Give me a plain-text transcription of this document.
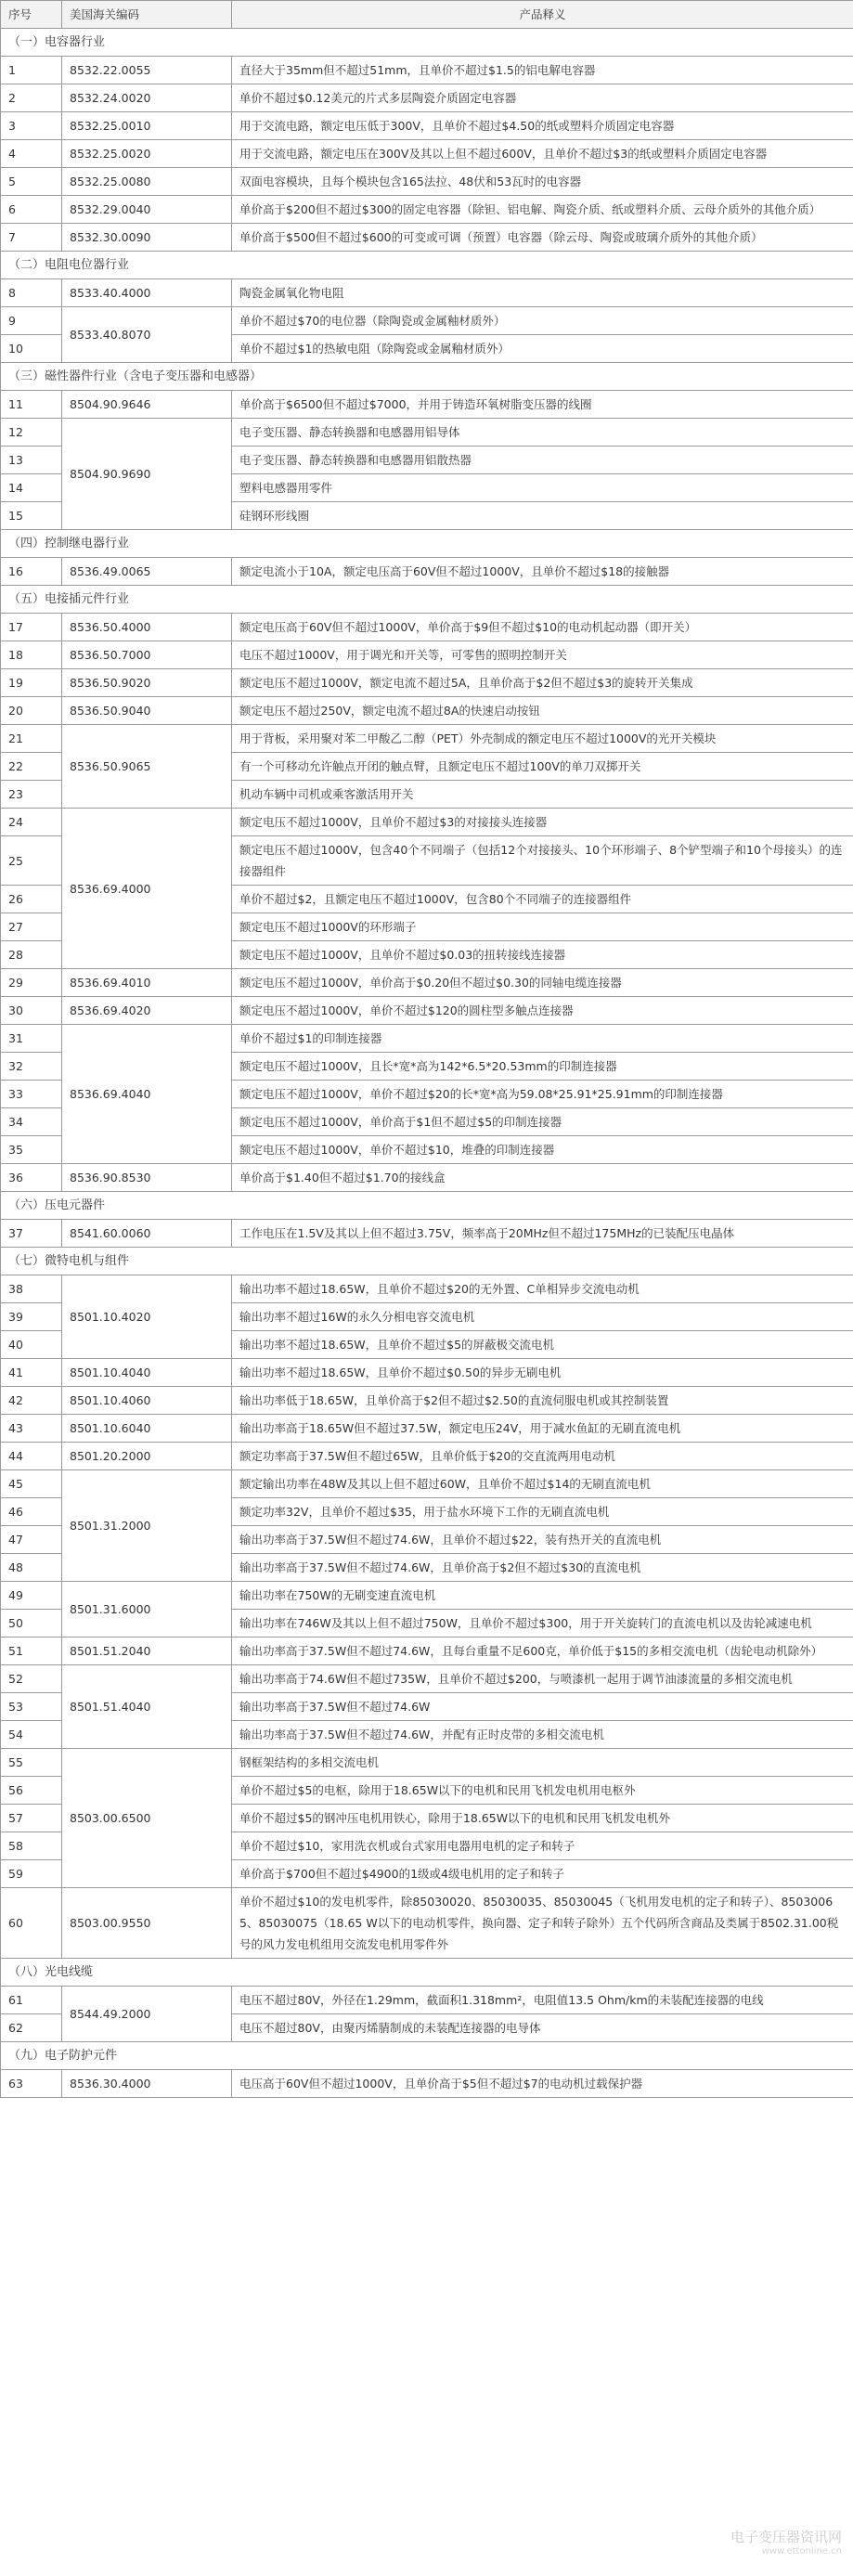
序号	美国海关编码	产品释义
（一）电容器行业		
1	8532.22.0055	直径大于35mm但不超过51mm，且单价不超过$1.5的铝电解电容器
2	8532.24.0020	单价不超过$0.12美元的片式多层陶瓷介质固定电容器
3	8532.25.0010	用于交流电路，额定电压低于300V，且单价不超过$4.50的纸或塑料介质固定电容器
4	8532.25.0020	用于交流电路，额定电压在300V及其以上但不超过600V，且单价不超过$3的纸或塑料介质固定电容器
5	8532.25.0080	双面电容模块，且每个模块包含165法拉、48伏和53瓦时的电容器
6	8532.29.0040	单价高于$200但不超过$300的固定电容器（除钽、铝电解、陶瓷介质、纸或塑料介质、云母介质外的其他介质）
7	8532.30.0090	单价高于$500但不超过$600的可变或可调（预置）电容器（除云母、陶瓷或玻璃介质外的其他介质）
（二）电阻电位器行业		
8	8533.40.4000	陶瓷金属氧化物电阻
9	8533.40.8070	单价不超过$70的电位器（除陶瓷或金属釉材质外）
10		单价不超过$1的热敏电阻（除陶瓷或金属釉材质外）
（三）磁性器件行业（含电子变压器和电感器）		
11	8504.90.9646	单价高于$6500但不超过$7000，并用于铸造环氧树脂变压器的线圈
12	8504.90.9690	电子变压器、静态转换器和电感器用铝导体
13		电子变压器、静态转换器和电感器用铝散热器
14		塑料电感器用零件
15		硅钢环形线圈
（四）控制继电器行业		
16	8536.49.0065	额定电流小于10A，额定电压高于60V但不超过1000V，且单价不超过$18的接触器
（五）电接插元件行业		
17	8536.50.4000	额定电压高于60V但不超过1000V，单价高于$9但不超过$10的电动机起动器（即开关）
18	8536.50.7000	电压不超过1000V，用于调光和开关等，可零售的照明控制开关
19	8536.50.9020	额定电压不超过1000V，额定电流不超过5A，且单价高于$2但不超过$3的旋转开关集成
20	8536.50.9040	额定电压不超过250V，额定电流不超过8A的快速启动按钮
21	8536.50.9065	用于背板，采用聚对苯二甲酸乙二醇（PET）外壳制成的额定电压不超过1000V的光开关模块
22		有一个可移动允许触点开闭的触点臂，且额定电压不超过100V的单刀双掷开关
23		机动车辆中司机或乘客激活用开关
24	8536.69.4000	额定电压不超过1000V，且单价不超过$3的对接接头连接器
25		额定电压不超过1000V，包含40个不同端子（包括12个对接接头、10个环形端子、8个铲型端子和10个母接头）的连接器组件
26		单价不超过$2，且额定电压不超过1000V，包含80个不同端子的连接器组件
27		额定电压不超过1000V的环形端子
28		额定电压不超过1000V，且单价不超过$0.03的扭转接线连接器
29	8536.69.4010	额定电压不超过1000V，单价高于$0.20但不超过$0.30的同轴电缆连接器
30	8536.69.4020	额定电压不超过1000V，单价不超过$120的圆柱型多触点连接器
31	8536.69.4040	单价不超过$1的印制连接器
32		额定电压不超过1000V，且长*宽*高为142*6.5*20.53mm的印制连接器
33		额定电压不超过1000V，单价不超过$20的长*宽*高为59.08*25.91*25.91mm的印制连接器
34		额定电压不超过1000V，单价高于$1但不超过$5的印制连接器
35		额定电压不超过1000V，单价不超过$10，堆叠的印制连接器
36	8536.90.8530	单价高于$1.40但不超过$1.70的接线盒
（六）压电元器件		
37	8541.60.0060	工作电压在1.5V及其以上但不超过3.75V，频率高于20MHz但不超过175MHz的已装配压电晶体
（七）微特电机与组件		
38	8501.10.4020	输出功率不超过18.65W，且单价不超过$20的无外置、C单相异步交流电动机
39		输出功率不超过16W的永久分相电容交流电机
40		输出功率不超过18.65W，且单价不超过$5的屏蔽极交流电机
41	8501.10.4040	输出功率不超过18.65W，且单价不超过$0.50的异步无刷电机
42	8501.10.4060	输出功率低于18.65W，且单价高于$2但不超过$2.50的直流伺服电机或其控制装置
43	8501.10.6040	输出功率高于18.65W但不超过37.5W，额定电压24V，用于减水鱼缸的无刷直流电机
44	8501.20.2000	额定功率高于37.5W但不超过65W，且单价低于$20的交直流两用电动机
45	8501.31.2000	额定输出功率在48W及其以上但不超过60W，且单价不超过$14的无刷直流电机
46		额定功率32V，且单价不超过$35，用于盐水环境下工作的无刷直流电机
47		输出功率高于37.5W但不超过74.6W，且单价不超过$22，装有热开关的直流电机
48		输出功率高于37.5W但不超过74.6W，且单价高于$2但不超过$30的直流电机
49	8501.31.6000	输出功率在750W的无刷变速直流电机
50		输出功率在746W及其以上但不超过750W，且单价不超过$300，用于开关旋转门的直流电机以及齿轮减速电机
51	8501.51.2040	输出功率高于37.5W但不超过74.6W，且每台重量不足600克，单价低于$15的多相交流电机（齿轮电动机除外）
52	8501.51.4040	输出功率高于74.6W但不超过735W，且单价不超过$200，与喷漆机一起用于调节油漆流量的多相交流电机
53		输出功率高于37.5W但不超过74.6W
54		输出功率高于37.5W但不超过74.6W，并配有正时皮带的多相交流电机
55	8503.00.6500	钢框架结构的多相交流电机
56		单价不超过$5的电枢，除用于18.65W以下的电机和民用飞机发电机用电枢外
57		单价不超过$5的钢冲压电机用铁心，除用于18.65W以下的电机和民用飞机发电机外
58		单价不超过$10，家用洗衣机或台式家用电器用电机的定子和转子
59		单价高于$700但不超过$4900的1级或4级电机用的定子和转子
60	8503.00.9550	单价不超过$10的发电机零件，除85030020、85030035、85030045（飞机用发电机的定子和转子）、85030065、85030075（18.65 W以下的电动机零件，换向器、定子和转子除外）五个代码所含商品及类属于8502.31.00税号的风力发电机组用交流发电机用零件外
（八）光电线缆		
61	8544.49.2000	电压不超过80V，外径在1.29mm，截面积1.318mm²，电阻值13.5 Ohm/km的未装配连接器的电线
62		电压不超过80V，由聚丙烯腈制成的未装配连接器的电导体
（九）电子防护元件		
63	8536.30.4000	电压高于60V但不超过1000V，且单价高于$5但不超过$7的电动机过载保护器
电子变压器资讯网
www.ettonline.cn
